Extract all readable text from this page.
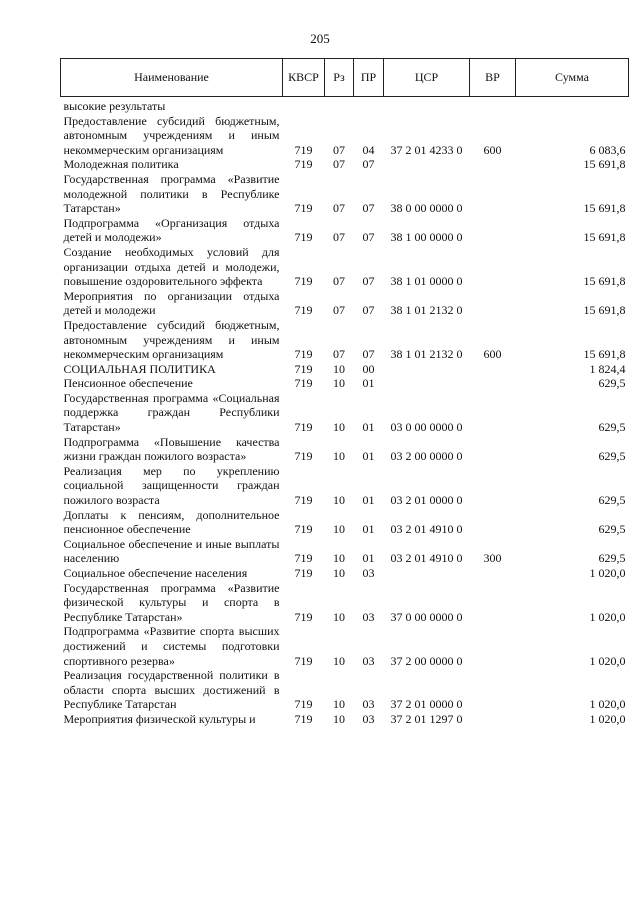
205
Наименование	КВСР	Рз	ПР	ЦСР	ВР	Сумма
высокие результаты						
Предоставление субсидий бюджетным, автономным учреждениям и иным некоммерческим организациям	719	07	04	37 2 01 4233 0	600	6 083,6
Молодежная политика	719	07	07			15 691,8
Государственная программа «Развитие молодежной политики в Республике Татарстан»	719	07	07	38 0 00 0000 0		15 691,8
Подпрограмма «Организация отдыха детей и молодежи»	719	07	07	38 1 00 0000 0		15 691,8
Создание необходимых условий для организации отдыха детей и молодежи, повышение оздоровительного эффекта	719	07	07	38 1 01 0000 0		15 691,8
Мероприятия по организации отдыха детей и молодежи	719	07	07	38 1 01 2132 0		15 691,8
Предоставление субсидий бюджетным, автономным учреждениям и иным некоммерческим организациям	719	07	07	38 1 01 2132 0	600	15 691,8
СОЦИАЛЬНАЯ ПОЛИТИКА	719	10	00			1 824,4
Пенсионное обеспечение	719	10	01			629,5
Государственная программа «Социальная поддержка граждан Республики Татарстан»	719	10	01	03 0 00 0000 0		629,5
Подпрограмма «Повышение качества жизни граждан пожилого возраста»	719	10	01	03 2 00 0000 0		629,5
Реализация мер по укреплению социальной защищенности граждан пожилого возраста	719	10	01	03 2 01 0000 0		629,5
Доплаты к пенсиям, дополнительное пенсионное обеспечение	719	10	01	03 2 01 4910 0		629,5
Социальное обеспечение и иные выплаты населению	719	10	01	03 2 01 4910 0	300	629,5
Социальное обеспечение населения	719	10	03			1 020,0
Государственная программа «Развитие физической культуры и спорта в Республике Татарстан»	719	10	03	37 0 00 0000 0		1 020,0
Подпрограмма «Развитие спорта высших достижений и системы подготовки спортивного резерва»	719	10	03	37 2 00 0000 0		1 020,0
Реализация государственной политики в области спорта высших достижений в Республике Татарстан	719	10	03	37 2 01 0000 0		1 020,0
Мероприятия физической культуры и	719	10	03	37 2 01 1297 0		1 020,0
